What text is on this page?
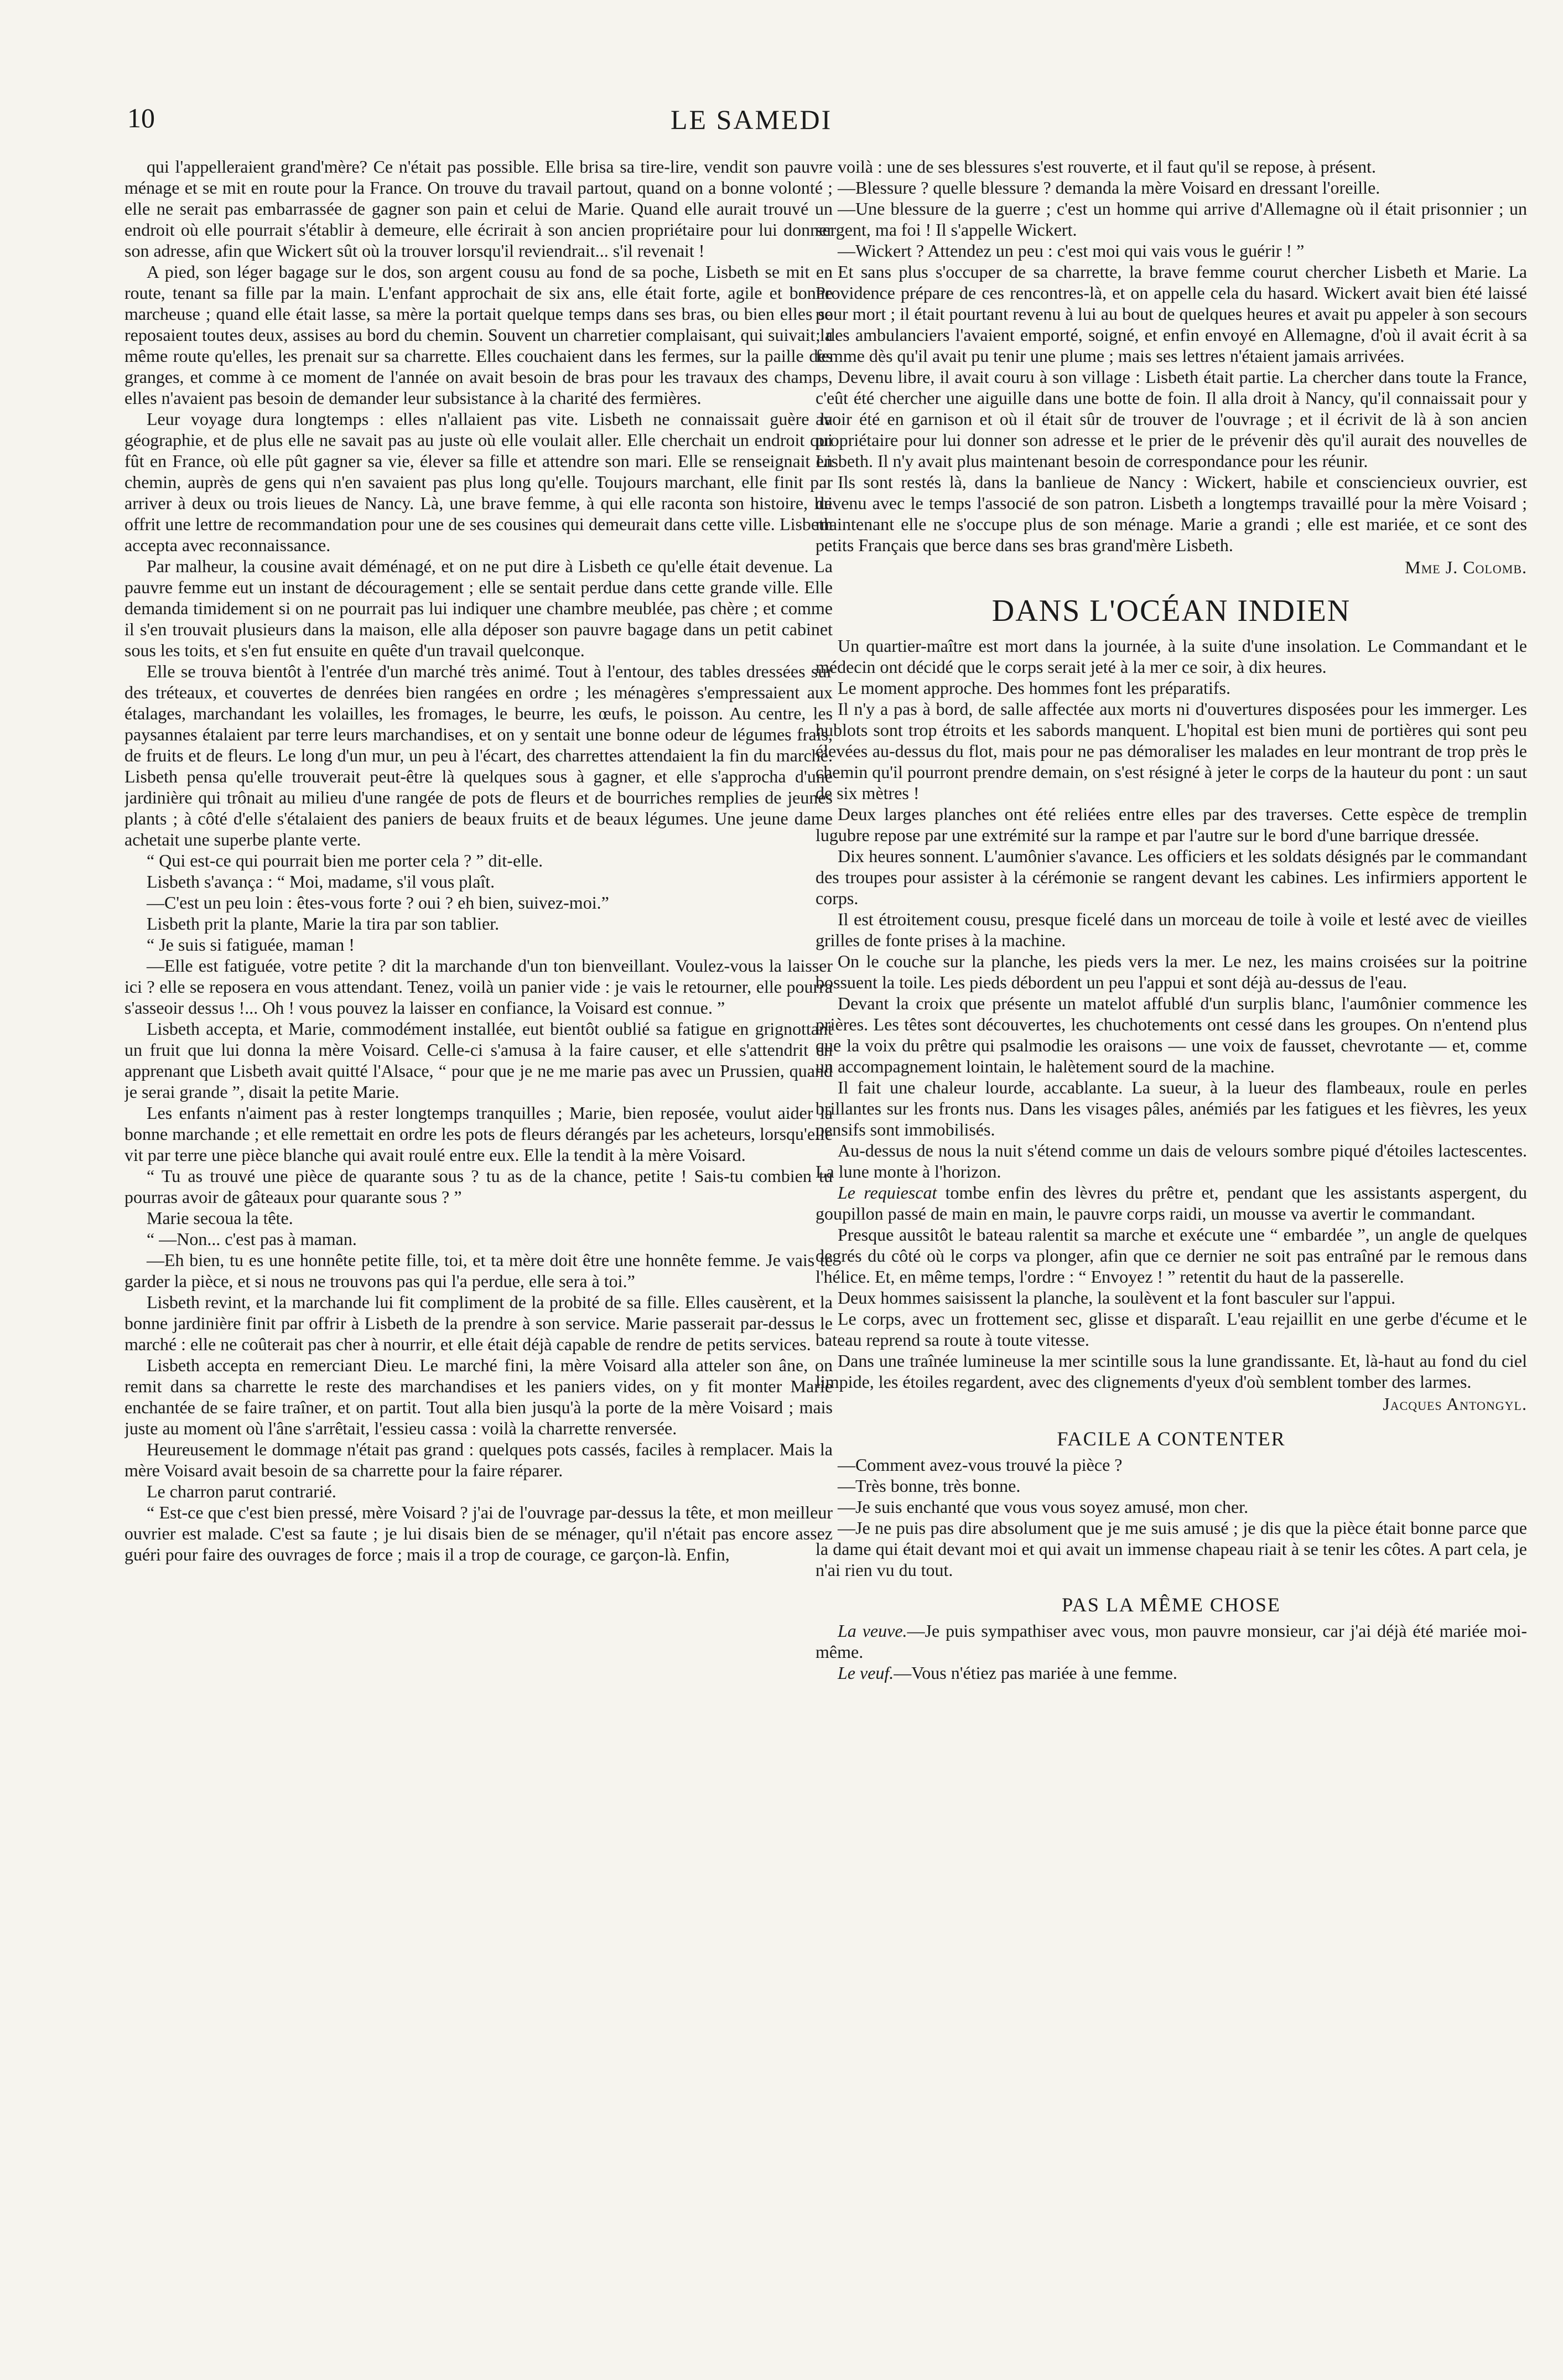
10	LE SAMEDI

qui l'appelleraient grand'mère? Ce n'était pas possible. Elle brisa sa tire-lire, vendit son pauvre ménage et se mit en route pour la France. On trouve du travail partout, quand on a bonne volonté ; elle ne serait pas embarrassée de gagner son pain et celui de Marie. Quand elle aurait trouvé un endroit où elle pourrait s'établir à demeure, elle écrirait à son ancien propriétaire pour lui donner son adresse, afin que Wickert sût où la trouver lorsqu'il reviendrait... s'il revenait !

A pied, son léger bagage sur le dos, son argent cousu au fond de sa poche, Lisbeth se mit en route, tenant sa fille par la main. L'enfant approchait de six ans, elle était forte, agile et bonne marcheuse ; quand elle était lasse, sa mère la portait quelque temps dans ses bras, ou bien elles se reposaient toutes deux, assises au bord du chemin. Souvent un charretier complaisant, qui suivait la même route qu'elles, les prenait sur sa charrette. Elles couchaient dans les fermes, sur la paille des granges, et comme à ce moment de l'année on avait besoin de bras pour les travaux des champs, elles n'avaient pas besoin de demander leur subsistance à la charité des fermières.

Leur voyage dura longtemps : elles n'allaient pas vite. Lisbeth ne connaissait guère la géographie, et de plus elle ne savait pas au juste où elle voulait aller. Elle cherchait un endroit qui fût en France, où elle pût gagner sa vie, élever sa fille et attendre son mari. Elle se renseignait en chemin, auprès de gens qui n'en savaient pas plus long qu'elle. Toujours marchant, elle finit par arriver à deux ou trois lieues de Nancy. Là, une brave femme, à qui elle raconta son histoire, lui offrit une lettre de recommandation pour une de ses cousines qui demeurait dans cette ville. Lisbeth accepta avec reconnaissance.

Par malheur, la cousine avait déménagé, et on ne put dire à Lisbeth ce qu'elle était devenue. La pauvre femme eut un instant de découragement ; elle se sentait perdue dans cette grande ville. Elle demanda timidement si on ne pourrait pas lui indiquer une chambre meublée, pas chère ; et comme il s'en trouvait plusieurs dans la maison, elle alla déposer son pauvre bagage dans un petit cabinet sous les toits, et s'en fut ensuite en quête d'un travail quelconque.

Elle se trouva bientôt à l'entrée d'un marché très animé. Tout à l'entour, des tables dressées sur des tréteaux, et couvertes de denrées bien rangées en ordre ; les ménagères s'empressaient aux étalages, marchandant les volailles, les fromages, le beurre, les œufs, le poisson. Au centre, les paysannes étalaient par terre leurs marchandises, et on y sentait une bonne odeur de légumes frais, de fruits et de fleurs. Le long d'un mur, un peu à l'écart, des charrettes attendaient la fin du marché. Lisbeth pensa qu'elle trouverait peut-être là quelques sous à gagner, et elle s'approcha d'une jardinière qui trônait au milieu d'une rangée de pots de fleurs et de bourriches remplies de jeunes plants ; à côté d'elle s'étalaient des paniers de beaux fruits et de beaux légumes. Une jeune dame achetait une superbe plante verte.

“ Qui est-ce qui pourrait bien me porter cela ? ” dit-elle.

Lisbeth s'avança : “ Moi, madame, s'il vous plaît.

—C'est un peu loin : êtes-vous forte ? oui ? eh bien, suivez-moi.”

Lisbeth prit la plante, Marie la tira par son tablier.

“ Je suis si fatiguée, maman !

—Elle est fatiguée, votre petite ? dit la marchande d'un ton bienveillant. Voulez-vous la laisser ici ? elle se reposera en vous attendant. Tenez, voilà un panier vide : je vais le retourner, elle pourra s'asseoir dessus !... Oh ! vous pouvez la laisser en confiance, la Voisard est connue. ”

Lisbeth accepta, et Marie, commodément installée, eut bientôt oublié sa fatigue en grignottant un fruit que lui donna la mère Voisard. Celle-ci s'amusa à la faire causer, et elle s'attendrit en apprenant que Lisbeth avait quitté l'Alsace, “ pour que je ne me marie pas avec un Prussien, quand je serai grande ”, disait la petite Marie.

Les enfants n'aiment pas à rester longtemps tranquilles ; Marie, bien reposée, voulut aider la bonne marchande ; et elle remettait en ordre les pots de fleurs dérangés par les acheteurs, lorsqu'elle vit par terre une pièce blanche qui avait roulé entre eux. Elle la tendit à la mère Voisard.

“ Tu as trouvé une pièce de quarante sous ? tu as de la chance, petite ! Sais-tu combien tu pourras avoir de gâteaux pour quarante sous ? ”

Marie secoua la tête.

“ —Non... c'est pas à maman.

—Eh bien, tu es une honnête petite fille, toi, et ta mère doit être une honnête femme. Je vais te garder la pièce, et si nous ne trouvons pas qui l'a perdue, elle sera à toi.”

Lisbeth revint, et la marchande lui fit compliment de la probité de sa fille. Elles causèrent, et la bonne jardinière finit par offrir à Lisbeth de la prendre à son service. Marie passerait par-dessus le marché : elle ne coûterait pas cher à nourrir, et elle était déjà capable de rendre de petits services.

Lisbeth accepta en remerciant Dieu. Le marché fini, la mère Voisard alla atteler son âne, on remit dans sa charrette le reste des marchandises et les paniers vides, on y fit monter Marie enchantée de se faire traîner, et on partit. Tout alla bien jusqu'à la porte de la mère Voisard ; mais juste au moment où l'âne s'arrêtait, l'essieu cassa : voilà la charrette renversée.

Heureusement le dommage n'était pas grand : quelques pots cassés, faciles à remplacer. Mais la mère Voisard avait besoin de sa charrette pour la faire réparer.

Le charron parut contrarié.

“ Est-ce que c'est bien pressé, mère Voisard ? j'ai de l'ouvrage par-dessus la tête, et mon meilleur ouvrier est malade. C'est sa faute ; je lui disais bien de se ménager, qu'il n'était pas encore assez guéri pour faire des ouvrages de force ; mais il a trop de courage, ce garçon-là. Enfin,

voilà : une de ses blessures s'est rouverte, et il faut qu'il se repose, à présent.

—Blessure ? quelle blessure ? demanda la mère Voisard en dressant l'oreille.

—Une blessure de la guerre ; c'est un homme qui arrive d'Allemagne où il était prisonnier ; un sergent, ma foi ! Il s'appelle Wickert.

—Wickert ? Attendez un peu : c'est moi qui vais vous le guérir ! ”

Et sans plus s'occuper de sa charrette, la brave femme courut chercher Lisbeth et Marie. La Providence prépare de ces rencontres-là, et on appelle cela du hasard. Wickert avait bien été laissé pour mort ; il était pourtant revenu à lui au bout de quelques heures et avait pu appeler à son secours ; des ambulanciers l'avaient emporté, soigné, et enfin envoyé en Allemagne, d'où il avait écrit à sa femme dès qu'il avait pu tenir une plume ; mais ses lettres n'étaient jamais arrivées.

Devenu libre, il avait couru à son village : Lisbeth était partie. La chercher dans toute la France, c'eût été chercher une aiguille dans une botte de foin. Il alla droit à Nancy, qu'il connaissait pour y avoir été en garnison et où il était sûr de trouver de l'ouvrage ; et il écrivit de là à son ancien propriétaire pour lui donner son adresse et le prier de le prévenir dès qu'il aurait des nouvelles de Lisbeth. Il n'y avait plus maintenant besoin de correspondance pour les réunir.

Ils sont restés là, dans la banlieue de Nancy : Wickert, habile et consciencieux ouvrier, est devenu avec le temps l'associé de son patron. Lisbeth a longtemps travaillé pour la mère Voisard ; maintenant elle ne s'occupe plus de son ménage. Marie a grandi ; elle est mariée, et ce sont des petits Français que berce dans ses bras grand'mère Lisbeth.

Mme J. Colomb.

DANS L'OCÉAN INDIEN

Un quartier-maître est mort dans la journée, à la suite d'une insolation. Le Commandant et le médecin ont décidé que le corps serait jeté à la mer ce soir, à dix heures.

Le moment approche. Des hommes font les préparatifs.

Il n'y a pas à bord, de salle affectée aux morts ni d'ouvertures disposées pour les immerger. Les hublots sont trop étroits et les sabords manquent. L'hopital est bien muni de portières qui sont peu élevées au-dessus du flot, mais pour ne pas démoraliser les malades en leur montrant de trop près le chemin qu'il pourront prendre demain, on s'est résigné à jeter le corps de la hauteur du pont : un saut de six mètres !

Deux larges planches ont été reliées entre elles par des traverses. Cette espèce de tremplin lugubre repose par une extrémité sur la rampe et par l'autre sur le bord d'une barrique dressée.

Dix heures sonnent. L'aumônier s'avance. Les officiers et les soldats désignés par le commandant des troupes pour assister à la cérémonie se rangent devant les cabines. Les infirmiers apportent le corps.

Il est étroitement cousu, presque ficelé dans un morceau de toile à voile et lesté avec de vieilles grilles de fonte prises à la machine.

On le couche sur la planche, les pieds vers la mer. Le nez, les mains croisées sur la poitrine bossuent la toile. Les pieds débordent un peu l'appui et sont déjà au-dessus de l'eau.

Devant la croix que présente un matelot affublé d'un surplis blanc, l'aumônier commence les prières. Les têtes sont découvertes, les chuchotements ont cessé dans les groupes. On n'entend plus que la voix du prêtre qui psalmodie les oraisons — une voix de fausset, chevrotante — et, comme un accompagnement lointain, le halètement sourd de la machine.

Il fait une chaleur lourde, accablante. La sueur, à la lueur des flambeaux, roule en perles brillantes sur les fronts nus. Dans les visages pâles, anémiés par les fatigues et les fièvres, les yeux pensifs sont immobilisés.

Au-dessus de nous la nuit s'étend comme un dais de velours sombre piqué d'étoiles lactescentes. La lune monte à l'horizon.

Le requiescat tombe enfin des lèvres du prêtre et, pendant que les assistants aspergent, du goupillon passé de main en main, le pauvre corps raidi, un mousse va avertir le commandant.

Presque aussitôt le bateau ralentit sa marche et exécute une “ embardée ”, un angle de quelques degrés du côté où le corps va plonger, afin que ce dernier ne soit pas entraîné par le remous dans l'hélice. Et, en même temps, l'ordre : “ Envoyez ! ” retentit du haut de la passerelle.

Deux hommes saisissent la planche, la soulèvent et la font basculer sur l'appui.

Le corps, avec un frottement sec, glisse et disparaît. L'eau rejaillit en une gerbe d'écume et le bateau reprend sa route à toute vitesse.

Dans une traînée lumineuse la mer scintille sous la lune grandissante. Et, là-haut au fond du ciel limpide, les étoiles regardent, avec des clignements d'yeux d'où semblent tomber des larmes.

Jacques Antongyl.

FACILE A CONTENTER

—Comment avez-vous trouvé la pièce ?

—Très bonne, très bonne.

—Je suis enchanté que vous vous soyez amusé, mon cher.

—Je ne puis pas dire absolument que je me suis amusé ; je dis que la pièce était bonne parce que la dame qui était devant moi et qui avait un immense chapeau riait à se tenir les côtes. A part cela, je n'ai rien vu du tout.

PAS LA MÊME CHOSE

La veuve.—Je puis sympathiser avec vous, mon pauvre monsieur, car j'ai déjà été mariée moi-même.

Le veuf.—Vous n'étiez pas mariée à une femme.
